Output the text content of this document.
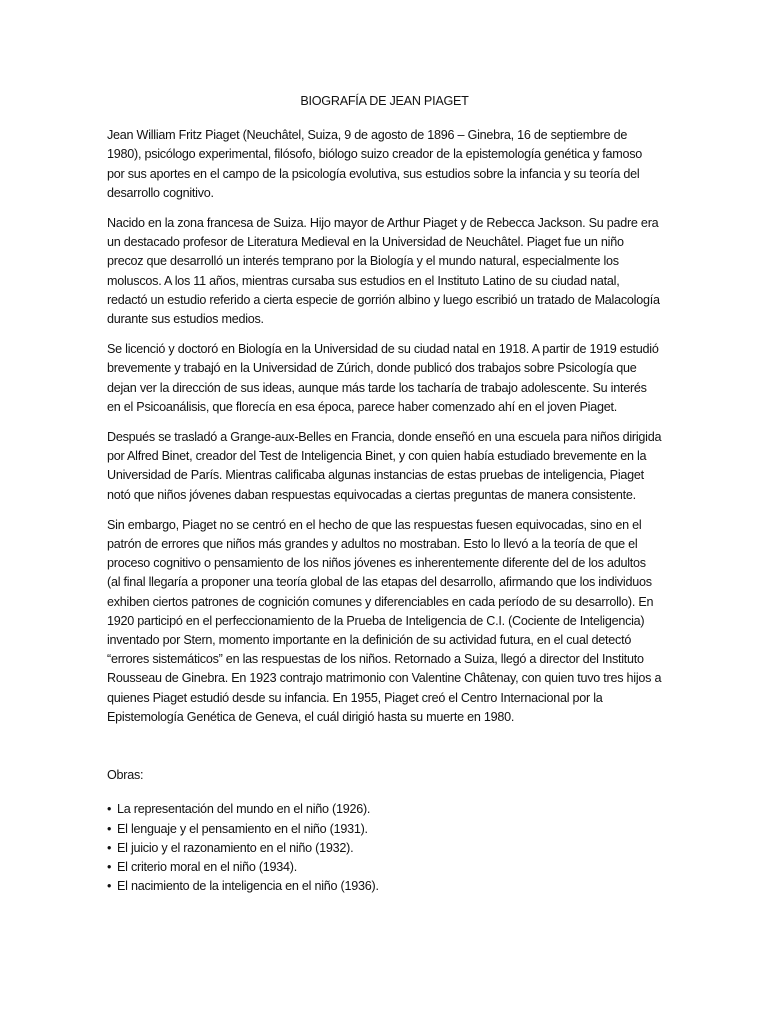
BIOGRAFÍA DE JEAN PIAGET

Jean William Fritz Piaget (Neuchâtel, Suiza, 9 de agosto de 1896 – Ginebra, 16 de septiembre de 1980), psicólogo experimental, filósofo, biólogo suizo creador de la epistemología genética y famoso por sus aportes en el campo de la psicología evolutiva, sus estudios sobre la infancia y su teoría del desarrollo cognitivo.

Nacido en la zona francesa de Suiza. Hijo mayor de Arthur Piaget y de Rebecca Jackson. Su padre era un destacado profesor de Literatura Medieval en la Universidad de Neuchâtel. Piaget fue un niño precoz que desarrolló un interés temprano por la Biología y el mundo natural, especialmente los moluscos. A los 11 años, mientras cursaba sus estudios en el Instituto Latino de su ciudad natal, redactó un estudio referido a cierta especie de gorrión albino y luego escribió un tratado de Malacología durante sus estudios medios.

Se licenció y doctoró en Biología en la Universidad de su ciudad natal en 1918. A partir de 1919 estudió brevemente y trabajó en la Universidad de Zúrich, donde publicó dos trabajos sobre Psicología que dejan ver la dirección de sus ideas, aunque más tarde los tacharía de trabajo adolescente. Su interés en el Psicoanálisis, que florecía en esa época, parece haber comenzado ahí en el joven Piaget.

Después se trasladó a Grange-aux-Belles en Francia, donde enseñó en una escuela para niños dirigida por Alfred Binet, creador del Test de Inteligencia Binet, y con quien había estudiado brevemente en la Universidad de París. Mientras calificaba algunas instancias de estas pruebas de inteligencia, Piaget notó que niños jóvenes daban respuestas equivocadas a ciertas preguntas de manera consistente.

Sin embargo, Piaget no se centró en el hecho de que las respuestas fuesen equivocadas, sino en el patrón de errores que niños más grandes y adultos no mostraban. Esto lo llevó a la teoría de que el proceso cognitivo o pensamiento de los niños jóvenes es inherentemente diferente del de los adultos (al final llegaría a proponer una teoría global de las etapas del desarrollo, afirmando que los individuos exhiben ciertos patrones de cognición comunes y diferenciables en cada período de su desarrollo). En 1920 participó en el perfeccionamiento de la Prueba de Inteligencia de C.I. (Cociente de Inteligencia) inventado por Stern, momento importante en la definición de su actividad futura, en el cual detectó “errores sistemáticos” en las respuestas de los niños. Retornado a Suiza, llegó a director del Instituto Rousseau de Ginebra. En 1923 contrajo matrimonio con Valentine Châtenay, con quien tuvo tres hijos a quienes Piaget estudió desde su infancia. En 1955, Piaget creó el Centro Internacional por la Epistemología Genética de Geneva, el cuál dirigió hasta su muerte en 1980.

Obras:
• La representación del mundo en el niño (1926).
• El lenguaje y el pensamiento en el niño (1931).
• El juicio y el razonamiento en el niño (1932).
• El criterio moral en el niño (1934).
• El nacimiento de la inteligencia en el niño (1936).
